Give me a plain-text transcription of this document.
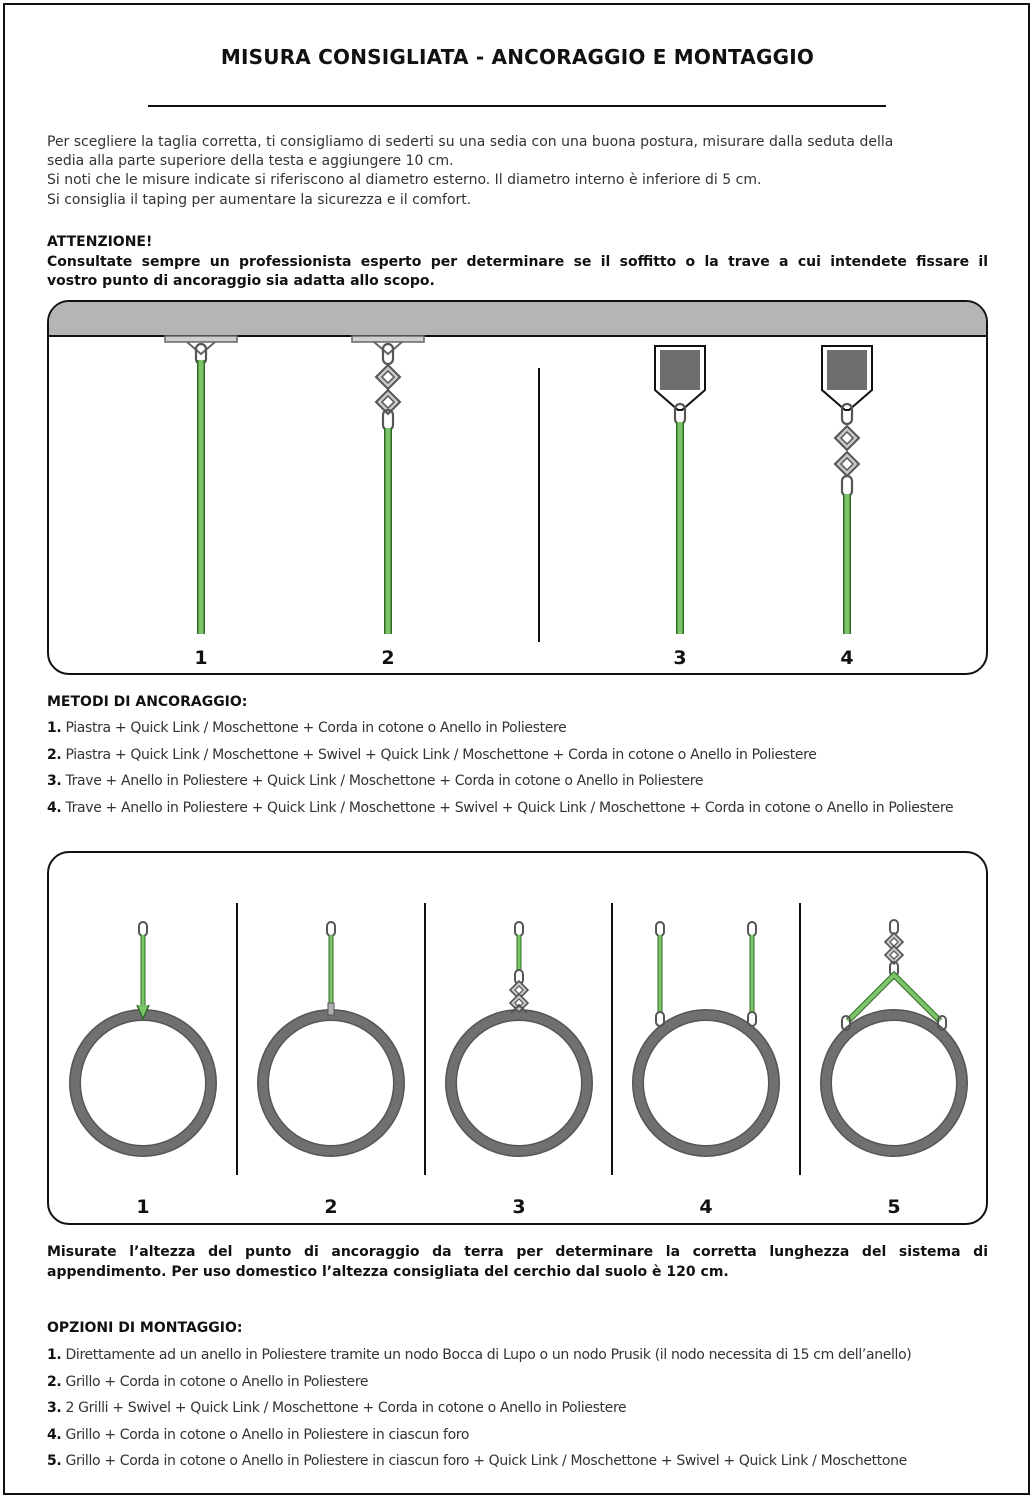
MISURA CONSIGLIATA - ANCORAGGIO E MONTAGGIO
Per scegliere la taglia corretta, ti consigliamo di sederti su una sedia con una buona postura, misurare dalla seduta della
sedia alla parte superiore della testa e aggiungere 10 cm.
Si noti che le misure indicate si riferiscono al diametro esterno. Il diametro interno è inferiore di 5 cm.
Si consiglia il taping per aumentare la sicurezza e il comfort.
ATTENZIONE!
Consultate sempre un professionista esperto per determinare se il soffitto o la trave a cui intendete fissare il
vostro punto di ancoraggio sia adatta allo scopo.
1	2	3	4
METODI DI ANCORAGGIO:
1. Piastra + Quick Link / Moschettone + Corda in cotone o Anello in Poliestere
2. Piastra + Quick Link / Moschettone + Swivel + Quick Link / Moschettone + Corda in cotone o Anello in Poliestere
3. Trave + Anello in Poliestere + Quick Link / Moschettone + Corda in cotone o Anello in Poliestere
4. Trave + Anello in Poliestere + Quick Link / Moschettone + Swivel + Quick Link / Moschettone + Corda in cotone o Anello in Poliestere
1	2	3	4	5
Misurate l’altezza del punto di ancoraggio da terra per determinare la corretta lunghezza del sistema di
appendimento. Per uso domestico l’altezza consigliata del cerchio dal suolo è 120 cm.
OPZIONI DI MONTAGGIO:
1. Direttamente ad un anello in Poliestere tramite un nodo Bocca di Lupo o un nodo Prusik (il nodo necessita di 15 cm dell’anello)
2. Grillo + Corda in cotone o Anello in Poliestere
3. 2 Grilli + Swivel + Quick Link / Moschettone + Corda in cotone o Anello in Poliestere
4. Grillo + Corda in cotone o Anello in Poliestere in ciascun foro
5. Grillo + Corda in cotone o Anello in Poliestere in ciascun foro + Quick Link / Moschettone + Swivel + Quick Link / Moschettone
